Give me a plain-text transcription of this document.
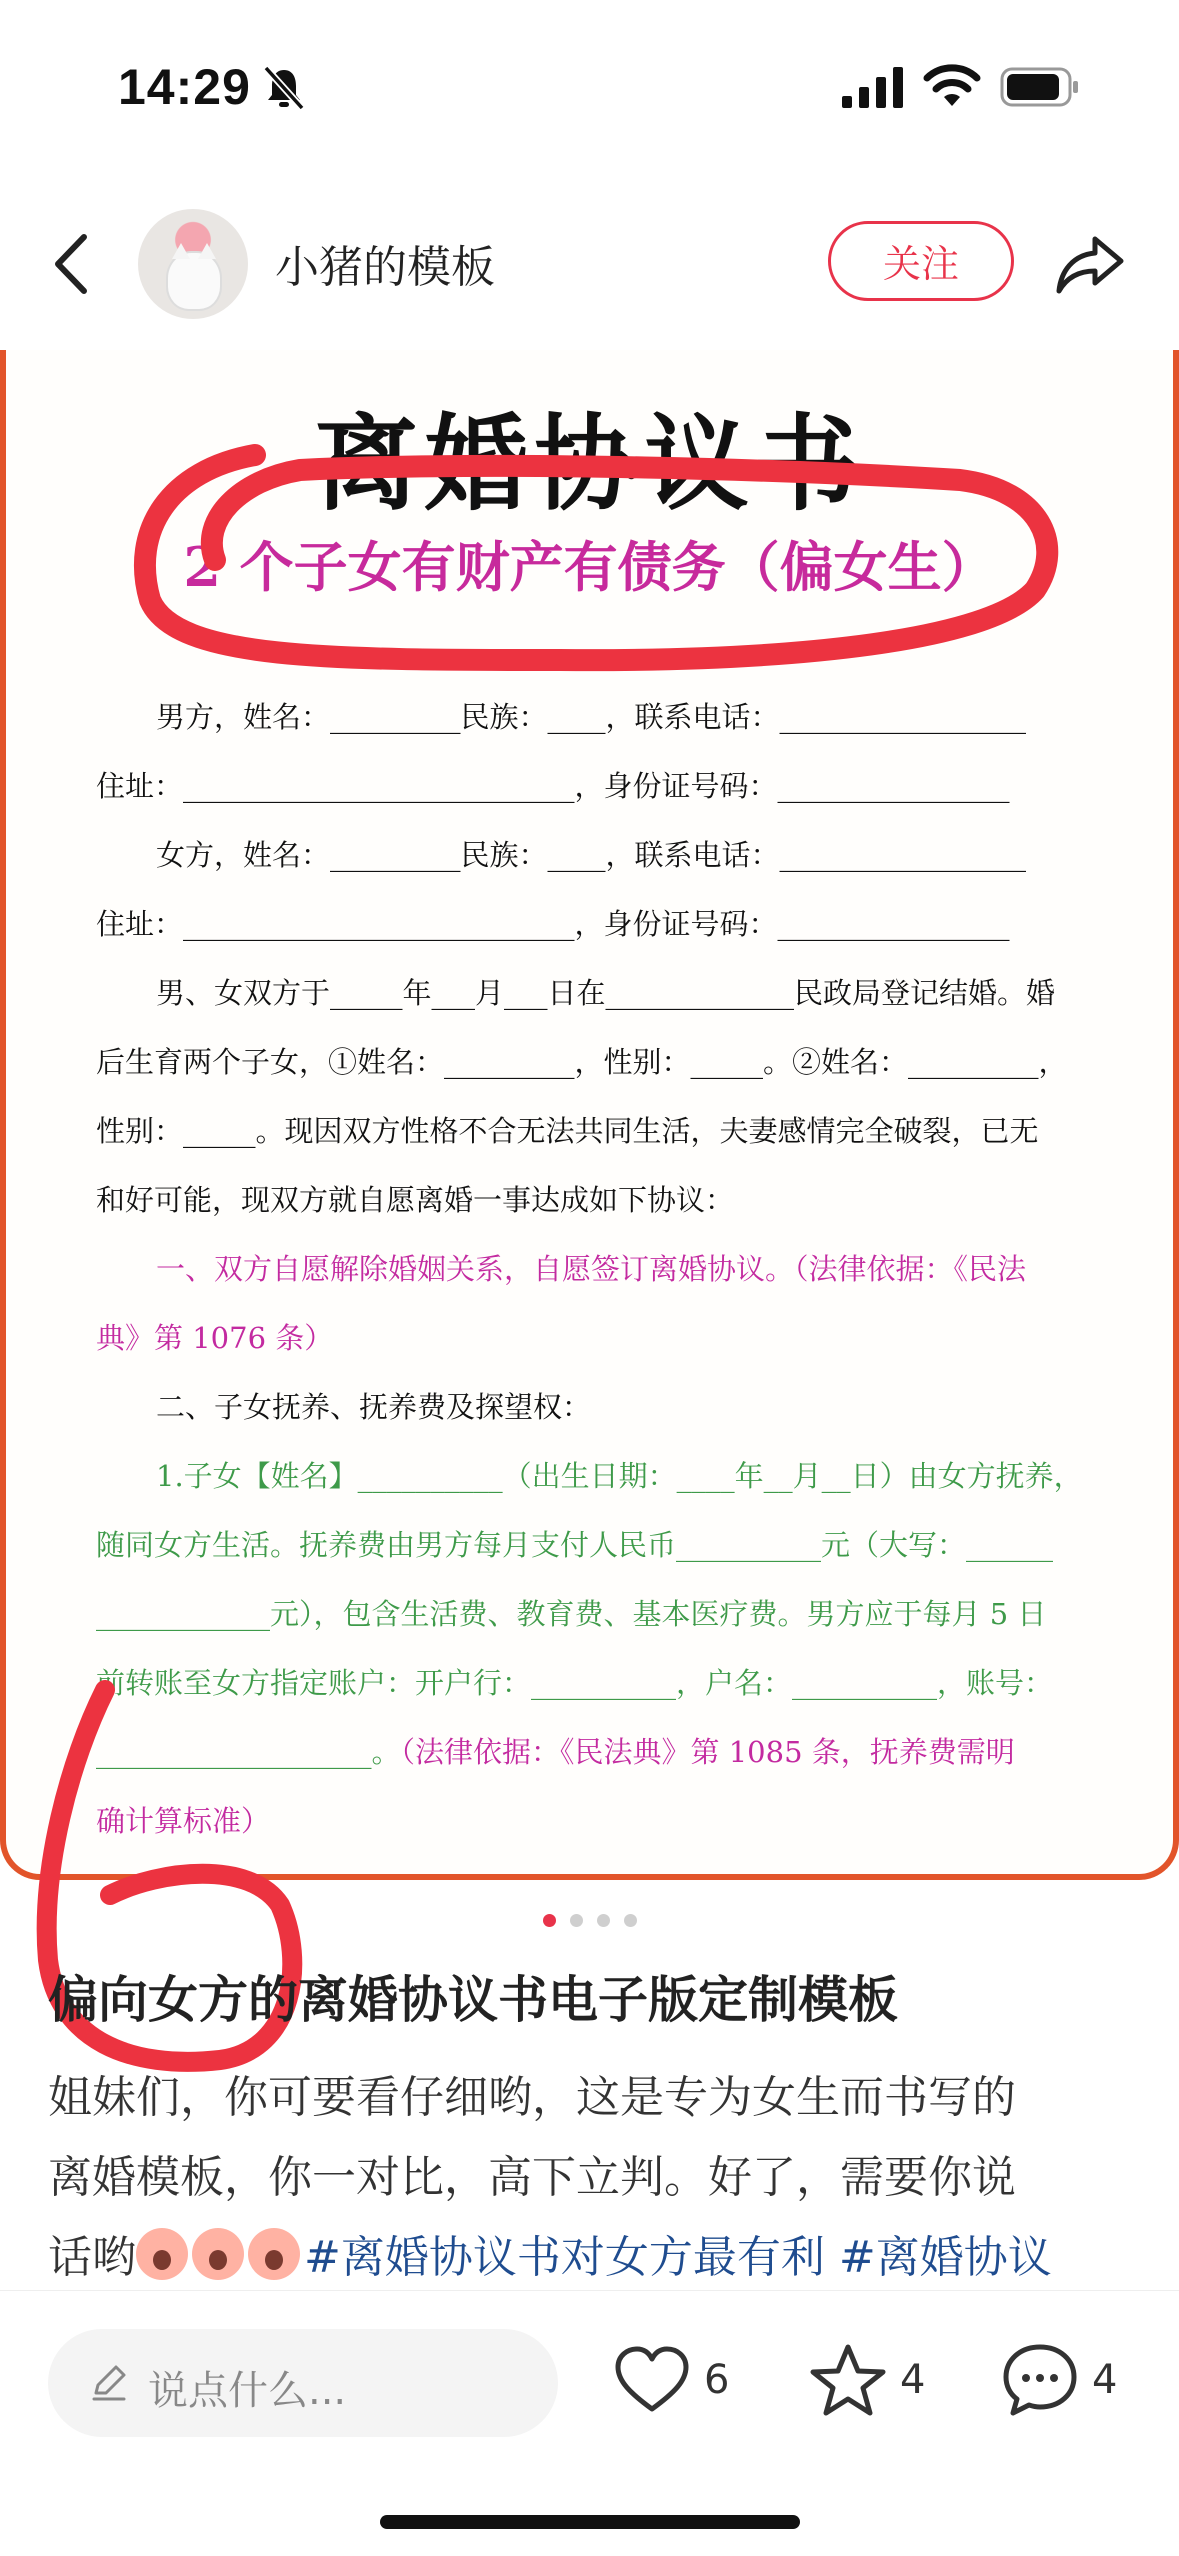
14:29
小猪的模板	关注
离婚协议书
2 个子女有财产有债务（偏女生）
男方，姓名：_________民族：____，联系电话：_________________
住址：___________________________，身份证号码：________________
女方，姓名：_________民族：____，联系电话：_________________
住址：___________________________，身份证号码：________________
男、女双方于_____年___月___日在_____________民政局登记结婚。婚
后生育两个子女，①姓名：_________，性别：_____。②姓名：_________，
性别：_____。现因双方性格不合无法共同生活，夫妻感情完全破裂，已无
和好可能，现双方就自愿离婚一事达成如下协议：
一、双方自愿解除婚姻关系，自愿签订离婚协议。（法律依据：《民法
典》第 1076 条）
二、子女抚养、抚养费及探望权：
1.子女【姓名】__________（出生日期：____年__月__日）由女方抚养，
随同女方生活。抚养费由男方每月支付人民币__________元（大写：______
____________元），包含生活费、教育费、基本医疗费。男方应于每月 5 日
前转账至女方指定账户：开户行：__________，户名：__________，账号：
___________________。（法律依据：《民法典》第 1085 条，抚养费需明
确计算标准）
偏向女方的离婚协议书电子版定制模板
姐妹们，你可要看仔细哟，这是专为女生而书写的
离婚模板，你一对比，高下立判。好了，需要你说
话哟	#离婚协议书对女方最有利 #离婚协议
说点什么...	6	4	4
